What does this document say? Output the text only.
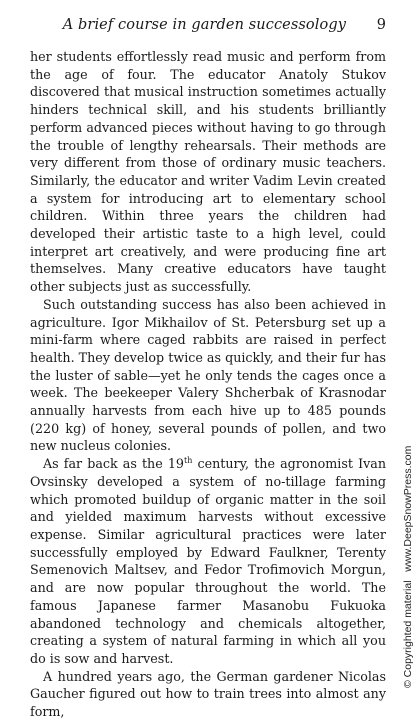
A brief course in garden successology 9

her students effortlessly read music and perform from the age of four. The educator Anatoly Stukov discovered that musical instruction sometimes actually hinders technical skill, and his students brilliantly perform advanced pieces without having to go through the trouble of lengthy rehearsals. Their methods are very different from those of ordinary music teachers. Similarly, the educator and writer Vadim Levin created a system for introducing art to elementary school children. Within three years the children had developed their artistic taste to a high level, could interpret art creatively, and were producing fine art themselves. Many creative educators have taught other subjects just as successfully.

Such outstanding success has also been achieved in agriculture. Igor Mikhailov of St. Petersburg set up a mini-farm where caged rabbits are raised in perfect health. They develop twice as quickly, and their fur has the luster of sable—yet he only tends the cages once a week. The beekeeper Valery Shcherbak of Krasnodar annually harvests from each hive up to 485 pounds (220 kg) of honey, several pounds of pollen, and two new nucleus colonies.

As far back as the 19th century, the agronomist Ivan Ovsinsky developed a system of no-tillage farming which promoted buildup of organic matter in the soil and yielded maximum harvests without excessive expense. Similar agricultural practices were later successfully employed by Edward Faulkner, Terenty Semenovich Maltsev, and Fedor Trofimovich Morgun, and are now popular throughout the world. The famous Japanese farmer Masanobu Fukuoka abandoned technology and chemicals altogether, creating a system of natural farming in which all you do is sow and harvest.

A hundred years ago, the German gardener Nicolas Gaucher figured out how to train trees into almost any form,

© Copyrighted material   www.DeepSnowPress.com
